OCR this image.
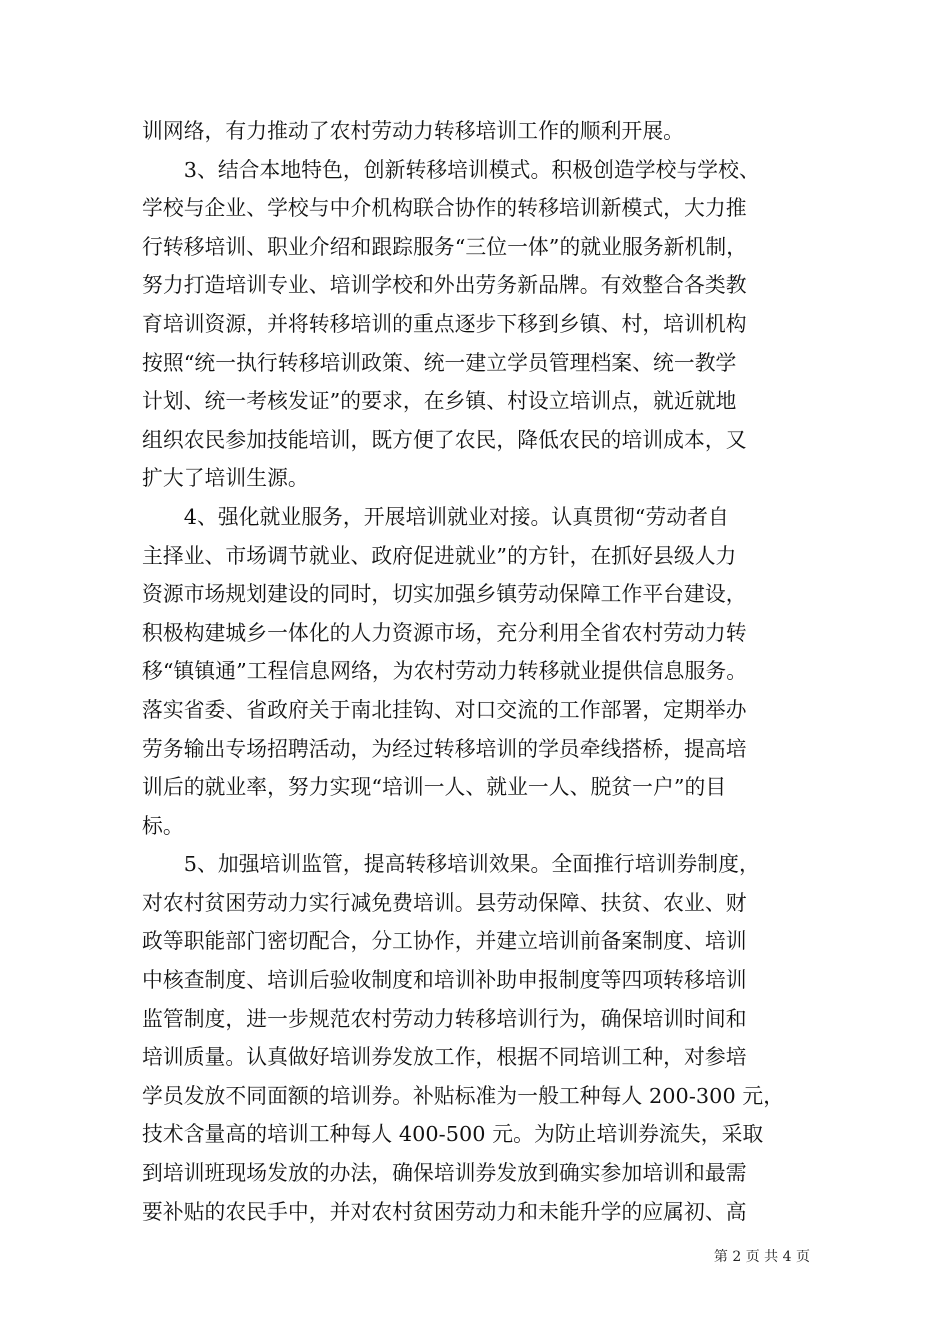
训网络，有力推动了农村劳动力转移培训工作的顺利开展。
　　3、结合本地特色，创新转移培训模式。积极创造学校与学校、
学校与企业、学校与中介机构联合协作的转移培训新模式，大力推
行转移培训、职业介绍和跟踪服务“三位一体”的就业服务新机制，
努力打造培训专业、培训学校和外出劳务新品牌。有效整合各类教
育培训资源，并将转移培训的重点逐步下移到乡镇、村，培训机构
按照“统一执行转移培训政策、统一建立学员管理档案、统一教学
计划、统一考核发证”的要求，在乡镇、村设立培训点，就近就地
组织农民参加技能培训，既方便了农民，降低农民的培训成本，又
扩大了培训生源。
　　4、强化就业服务，开展培训就业对接。认真贯彻“劳动者自
主择业、市场调节就业、政府促进就业”的方针，在抓好县级人力
资源市场规划建设的同时，切实加强乡镇劳动保障工作平台建设，
积极构建城乡一体化的人力资源市场，充分利用全省农村劳动力转
移“镇镇通”工程信息网络，为农村劳动力转移就业提供信息服务。
落实省委、省政府关于南北挂钩、对口交流的工作部署，定期举办
劳务输出专场招聘活动，为经过转移培训的学员牵线搭桥，提高培
训后的就业率，努力实现“培训一人、就业一人、脱贫一户”的目
标。
　　5、加强培训监管，提高转移培训效果。全面推行培训券制度，
对农村贫困劳动力实行减免费培训。县劳动保障、扶贫、农业、财
政等职能部门密切配合，分工协作，并建立培训前备案制度、培训
中核查制度、培训后验收制度和培训补助申报制度等四项转移培训
监管制度，进一步规范农村劳动力转移培训行为，确保培训时间和
培训质量。认真做好培训券发放工作，根据不同培训工种，对参培
学员发放不同面额的培训券。补贴标准为一般工种每人 200-300 元，
技术含量高的培训工种每人 400-500 元。为防止培训券流失，采取
到培训班现场发放的办法，确保培训券发放到确实参加培训和最需
要补贴的农民手中，并对农村贫困劳动力和未能升学的应属初、高
第 2 页 共 4 页
